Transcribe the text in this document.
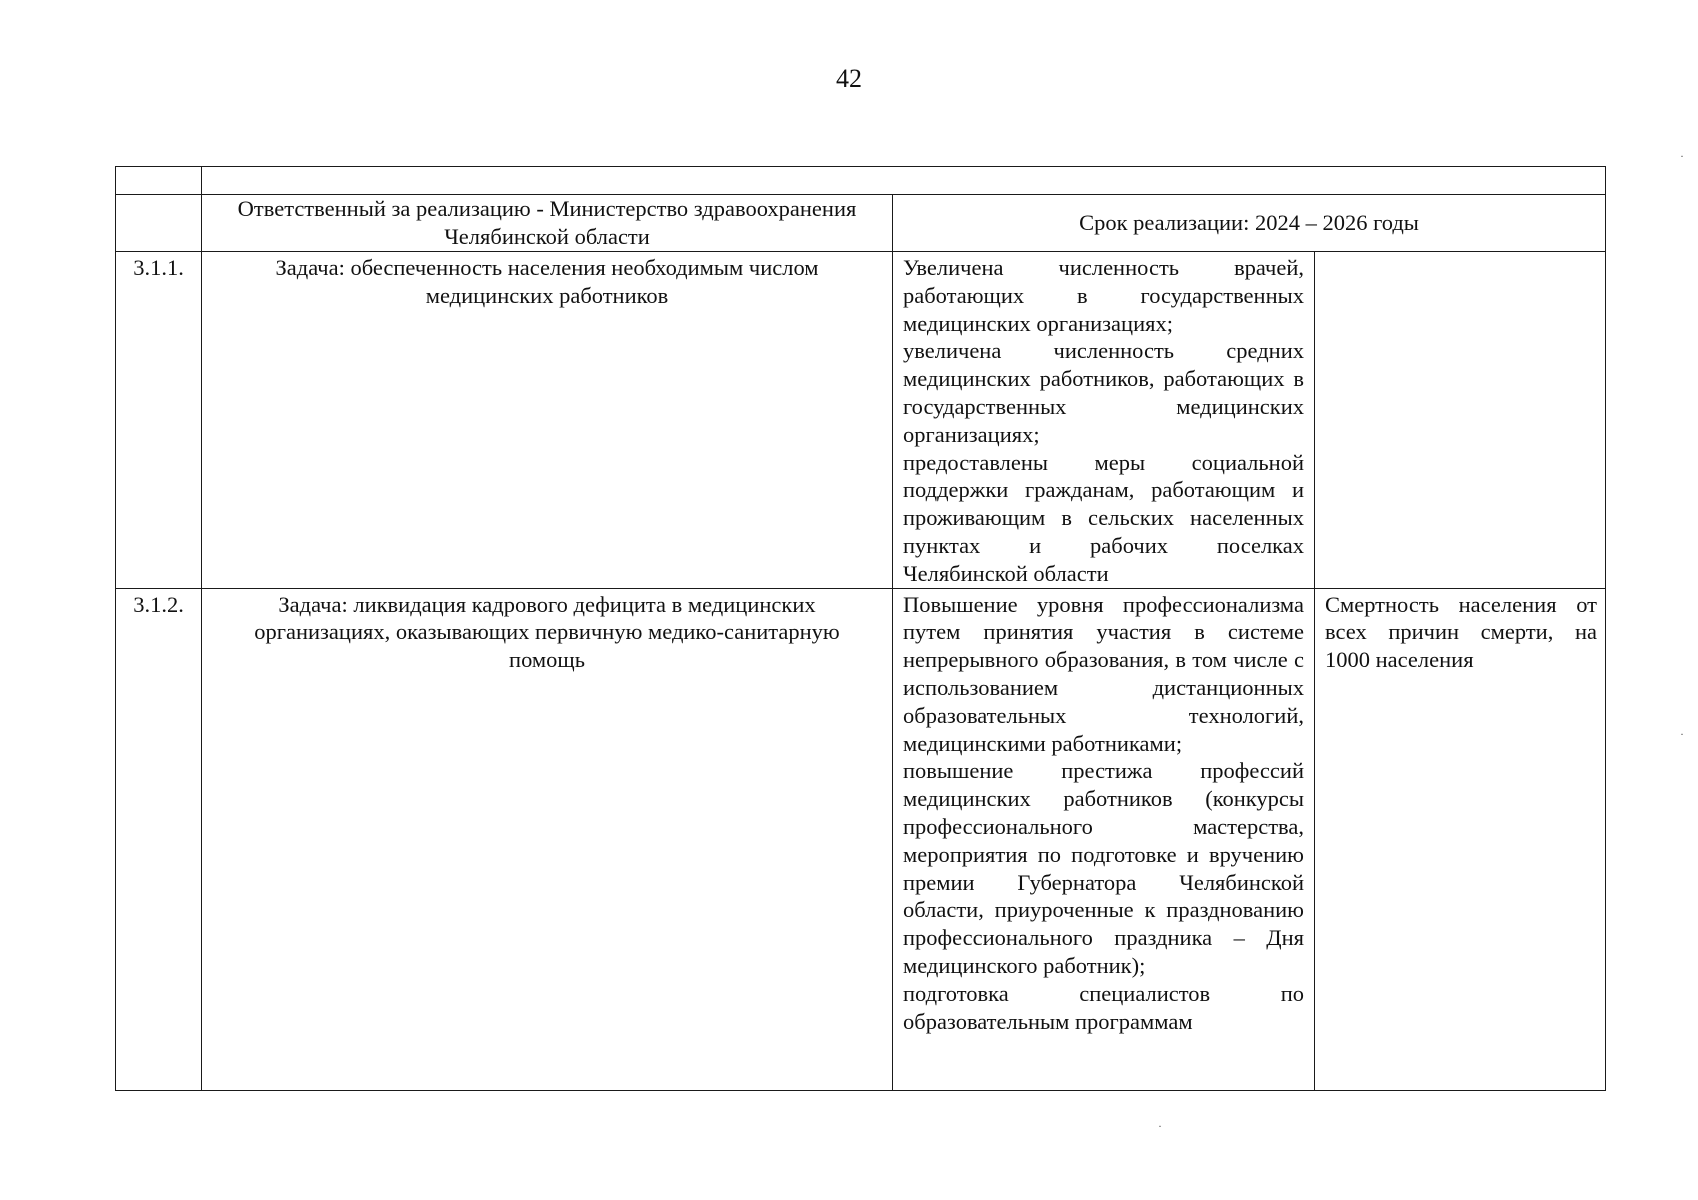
42

	Ответственный за реализацию - Министерство здравоохранения Челябинской области	Срок реализации: 2024 – 2026 годы	
3.1.1.	Задача: обеспеченность населения необходимым числом медицинских работников	Увеличена численность врачей, работающих в государственных медицинских организациях;
увеличена численность средних медицинских работников, работающих в государственных медицинских организациях;
предоставлены меры социальной поддержки гражданам, работающим и проживающим в сельских населенных пунктах и рабочих поселках Челябинской области	

3.1.2.	Задача: ликвидация кадрового дефицита в медицинских организациях, оказывающих первичную медико-санитарную помощь	Повышение уровня профессионализма путем принятия участия в системе непрерывного образования, в том числе с использованием дистанционных образовательных технологий, медицинскими работниками;
повышение престижа профессий медицинских работников (конкурсы профессионального мастерства, мероприятия по подготовке и вручению премии Губернатора Челябинской области, приуроченные к празднованию профессионального праздника – Дня медицинского работник);
подготовка специалистов по образовательным программам	Смертность населения от всех причин смерти, на 1000 населения
·
·
·
